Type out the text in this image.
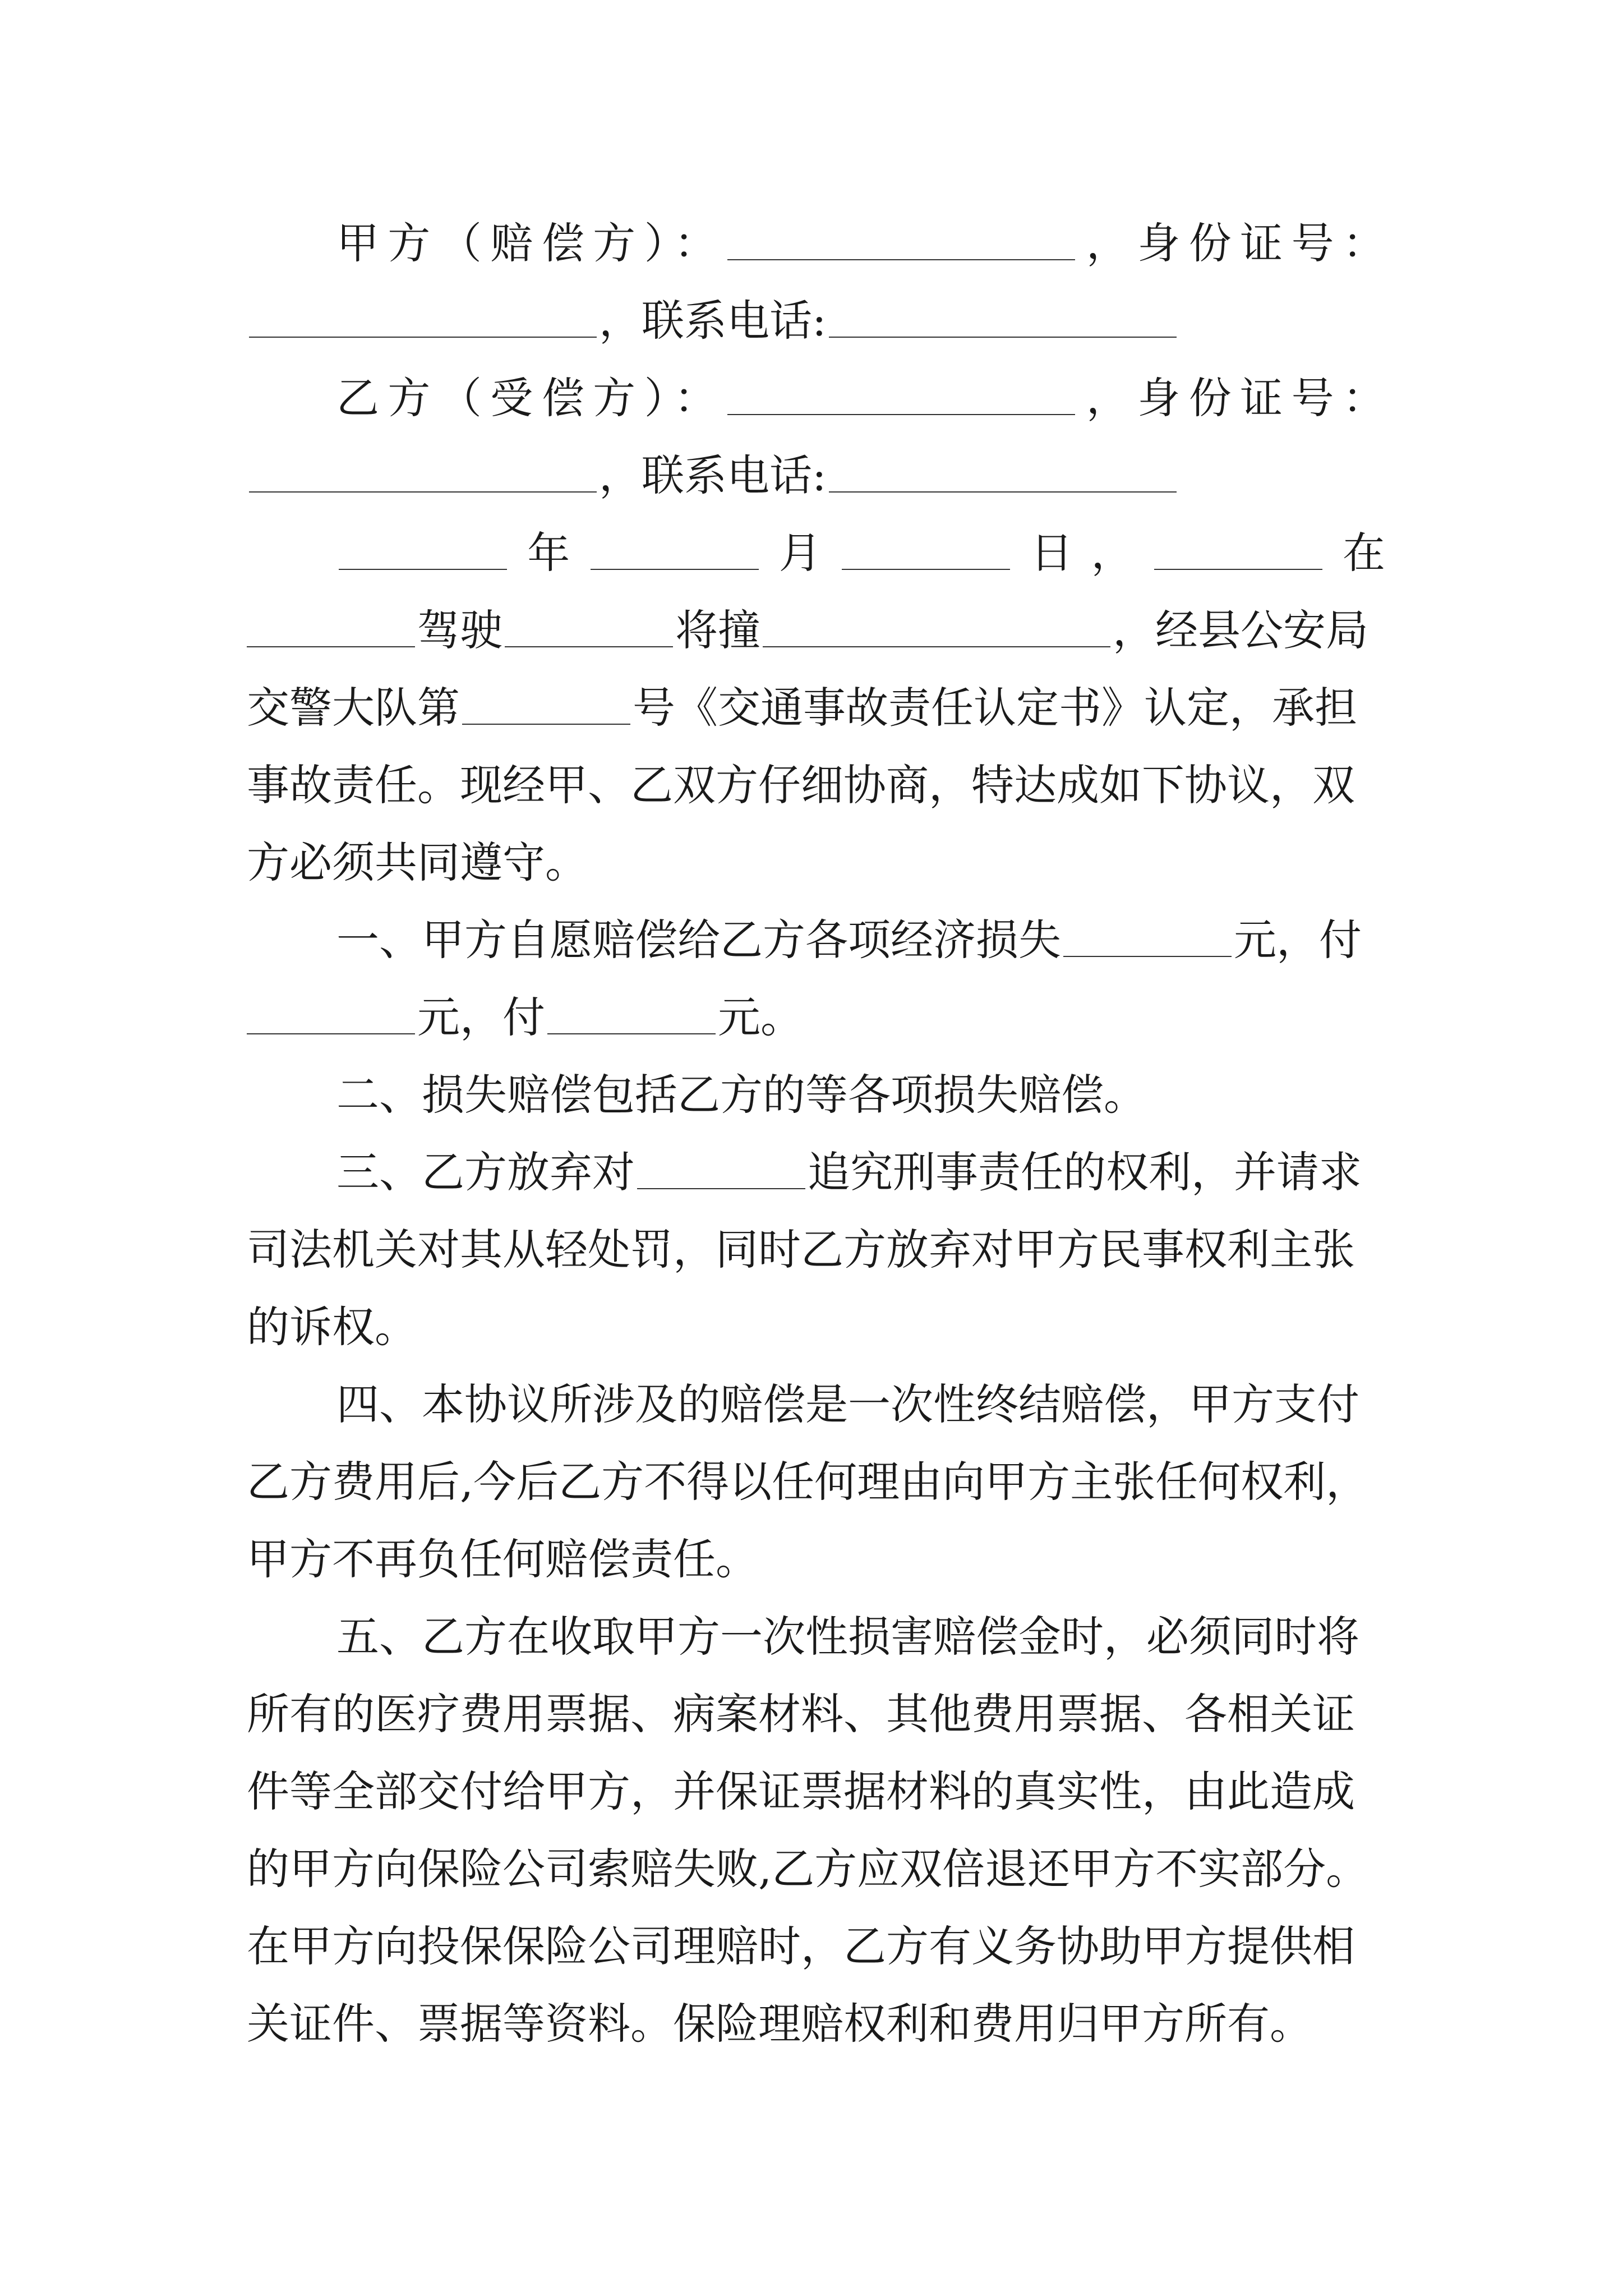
甲方（赔偿方）：	，身份证号：
，联系电话:
乙方（受偿方）：	，身份证号：
，联系电话:
年	月	日，	在
驾驶	将撞	，经县公安局
交警大队第	号《交通事故责任认定书》认定，承担
事故责任。现经甲、乙双方仔细协商，特达成如下协议，双
方必须共同遵守。
一、甲方自愿赔偿给乙方各项经济损失	元，付
元，付	元。
二、损失赔偿包括乙方的等各项损失赔偿。
三、乙方放弃对	追究刑事责任的权利，并请求
司法机关对其从轻处罚，同时乙方放弃对甲方民事权利主张
的诉权。
四、本协议所涉及的赔偿是一次性终结赔偿，甲方支付
乙方费用后,今后乙方不得以任何理由向甲方主张任何权利，
甲方不再负任何赔偿责任。
五、乙方在收取甲方一次性损害赔偿金时，必须同时将
所有的医疗费用票据、病案材料、其他费用票据、各相关证
件等全部交付给甲方，并保证票据材料的真实性，由此造成
的甲方向保险公司索赔失败,乙方应双倍退还甲方不实部分。
在甲方向投保保险公司理赔时，乙方有义务协助甲方提供相
关证件、票据等资料。保险理赔权利和费用归甲方所有。
